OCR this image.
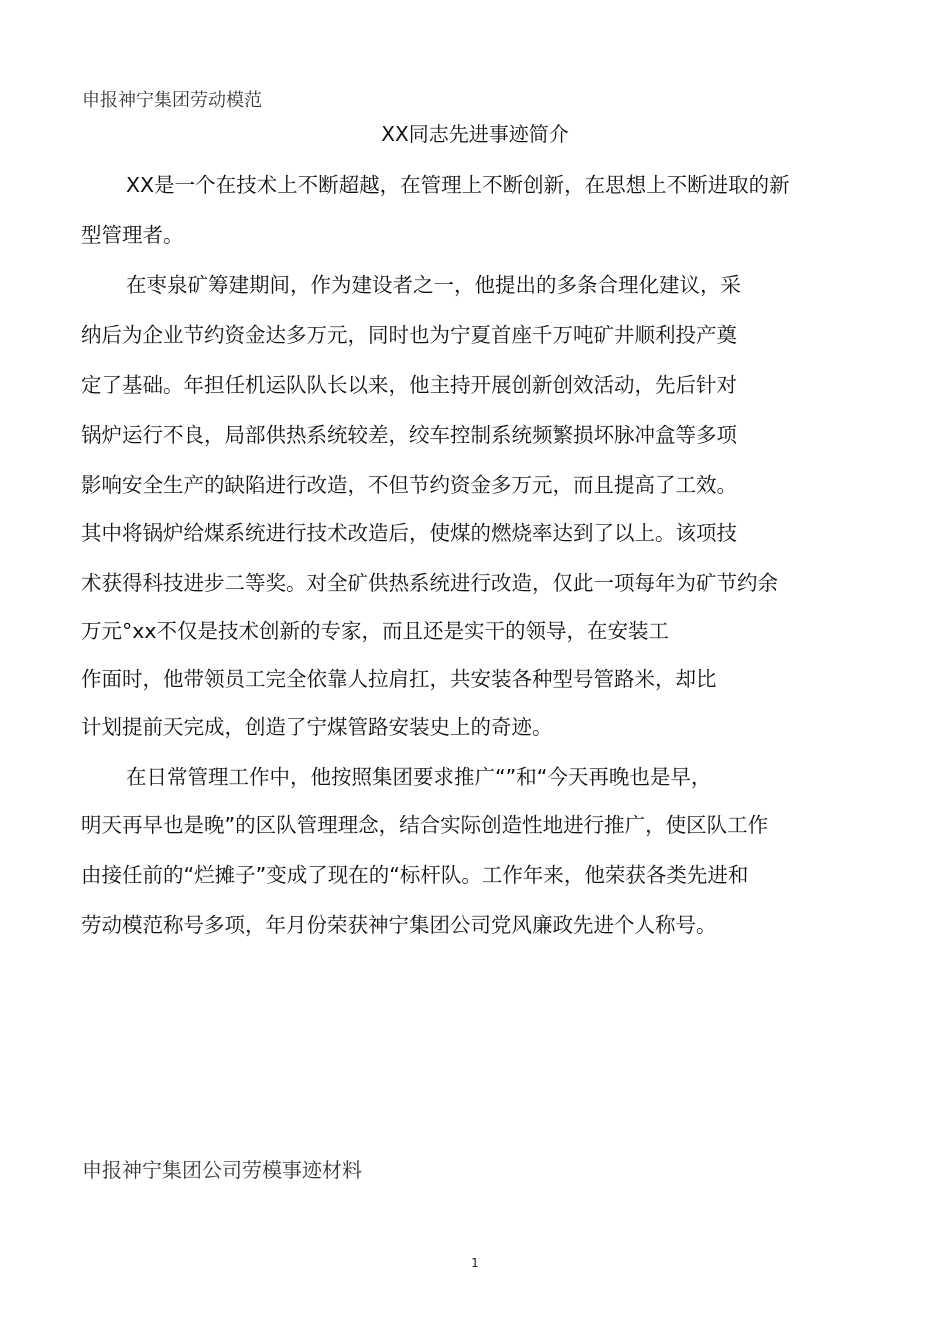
申报神宁集团劳动模范
XX同志先进事迹简介
XX是一个在技术上不断超越，在管理上不断创新，在思想上不断进取的新
型管理者。
在枣泉矿筹建期间，作为建设者之一，他提出的多条合理化建议，采
纳后为企业节约资金达多万元，同时也为宁夏首座千万吨矿井顺利投产奠
定了基础。年担任机运队队长以来，他主持开展创新创效活动，先后针对
锅炉运行不良，局部供热系统较差，绞车控制系统频繁损坏脉冲盒等多项
影响安全生产的缺陷进行改造，不但节约资金多万元，而且提高了工效。
其中将锅炉给煤系统进行技术改造后，使煤的燃烧率达到了以上。该项技
术获得科技进步二等奖。对全矿供热系统进行改造，仅此一项每年为矿节约余
万元°xx不仅是技术创新的专家，而且还是实干的领导，在安装工
作面时，他带领员工完全依靠人拉肩扛，共安装各种型号管路米，却比
计划提前天完成，创造了宁煤管路安装史上的奇迹。
在日常管理工作中，他按照集团要求推广“”和“今天再晚也是早，
明天再早也是晚”的区队管理理念，结合实际创造性地进行推广，使区队工作
由接任前的“烂摊子”变成了现在的“标杆队。工作年来，他荣获各类先进和
劳动模范称号多项，年月份荣获神宁集团公司党风廉政先进个人称号。
申报神宁集团公司劳模事迹材料
1
